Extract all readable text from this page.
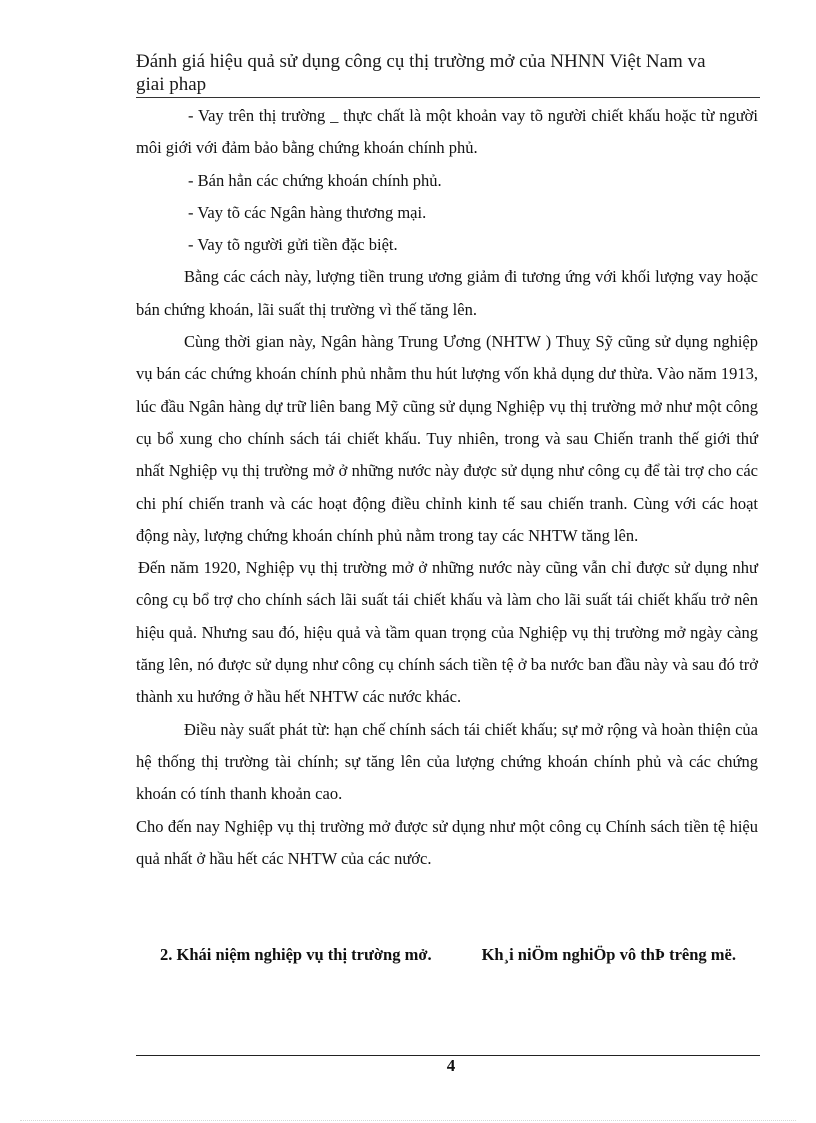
Đánh giá hiệu quả sử dụng công cụ thị trường mở của NHNN Việt Nam va giai phap

- Vay trên thị trường _ thực chất là một khoản vay tõ người chiết khấu hoặc từ người môi giới với đảm bảo bằng chứng khoán chính phủ.

- Bán hẳn các chứng khoán chính phủ.

- Vay tõ các Ngân hàng thương mại.

- Vay tõ người gửi tiền đặc biệt.

Bằng các cách này, lượng tiền trung ương giảm đi tương ứng với khối lượng vay hoặc bán chứng khoán, lãi suất thị trường vì thế tăng lên.

Cùng thời gian này, Ngân hàng Trung Ương (NHTW ) Thuỵ Sỹ cũng sử dụng nghiệp vụ bán các chứng khoán chính phủ nhằm thu hút lượng vốn khả dụng dư thừa. Vào năm 1913, lúc đầu Ngân hàng dự trữ liên bang Mỹ cũng sử dụng Nghiệp vụ thị trường mở như một công cụ bổ xung cho chính sách tái chiết khấu. Tuy nhiên, trong và sau Chiến tranh thế giới thứ nhất Nghiệp vụ thị trường mở ở những nước này được sử dụng như công cụ để tài trợ cho các chi phí chiến tranh và các hoạt động điều chỉnh kinh tế sau chiến tranh. Cùng với các hoạt động này, lượng chứng khoán chính phủ nằm trong tay các NHTW tăng lên.

Đến năm 1920, Nghiệp vụ thị trường mở ở những nước này cũng vẫn chỉ được sử dụng như công cụ bổ trợ cho chính sách lãi suất tái chiết khấu và làm cho lãi suất tái chiết khấu trở nên hiệu quả. Nhưng sau đó, hiệu quả và tầm quan trọng của Nghiệp vụ thị trường mở ngày càng tăng lên, nó được sử dụng như công cụ chính sách tiền tệ ở ba nước ban đầu này và sau đó trở thành xu hướng ở hầu hết NHTW các nước khác.

Điều này suất phát từ: hạn chế chính sách tái chiết khấu; sự mở rộng và hoàn thiện của hệ thống thị trường tài chính; sự tăng lên của lượng chứng khoán chính phủ và các chứng khoán có tính thanh khoản cao.

Cho đến nay Nghiệp vụ thị trường mở được sử dụng như một công cụ Chính sách tiền tệ hiệu quả nhất ở hầu hết các NHTW của các nước.

2. Khái niệm nghiệp vụ thị trường mở.	Kh¸i niÖm nghiÖp vô thÞ trêng më.
4
